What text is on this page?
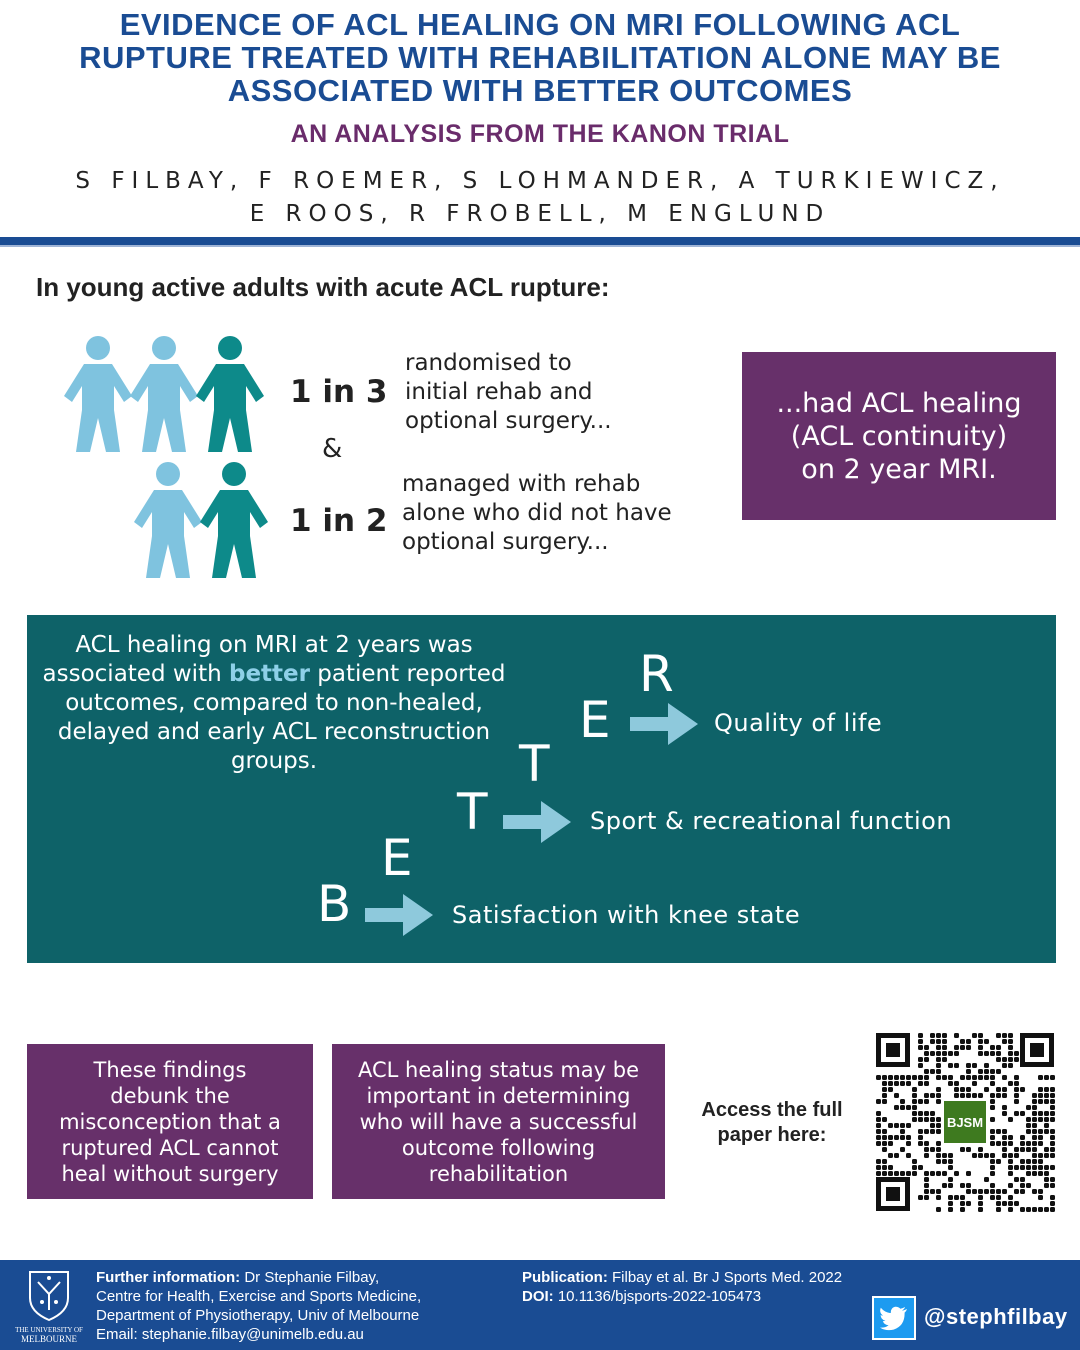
EVIDENCE OF ACL HEALING ON MRI FOLLOWING ACL
RUPTURE TREATED WITH REHABILITATION ALONE MAY BE
ASSOCIATED WITH BETTER OUTCOMES
AN ANALYSIS FROM THE KANON TRIAL
S FILBAY, F ROEMER, S LOHMANDER, A TURKIEWICZ,
E ROOS, R FROBELL, M ENGLUND
In young active adults with acute ACL rupture:
1 in 3
&
1 in 2
randomised to
initial rehab and
optional surgery...
managed with rehab
alone who did not have
optional surgery...
...had ACL healing
(ACL continuity)
on 2 year MRI.
ACL healing on MRI at 2 years was associated with better patient reported outcomes, compared to non-healed, delayed and early ACL reconstruction groups.
B
E
T
T
E
R
Quality of life
Sport & recreational function
Satisfaction with knee state
These findings
debunk the
misconception that a
ruptured ACL cannot
heal without surgery
ACL healing status may be
important in determining
who will have a successful
outcome following
rehabilitation
Access the full
paper here:
BJSM
THE UNIVERSITY OF
MELBOURNE
Further information: Dr Stephanie Filbay,
Centre for Health, Exercise and Sports Medicine,
Department of Physiotherapy, Univ of Melbourne
Email: stephanie.filbay@unimelb.edu.au
Publication: Filbay et al. Br J Sports Med. 2022
DOI: 10.1136/bjsports-2022-105473
@stephfilbay
